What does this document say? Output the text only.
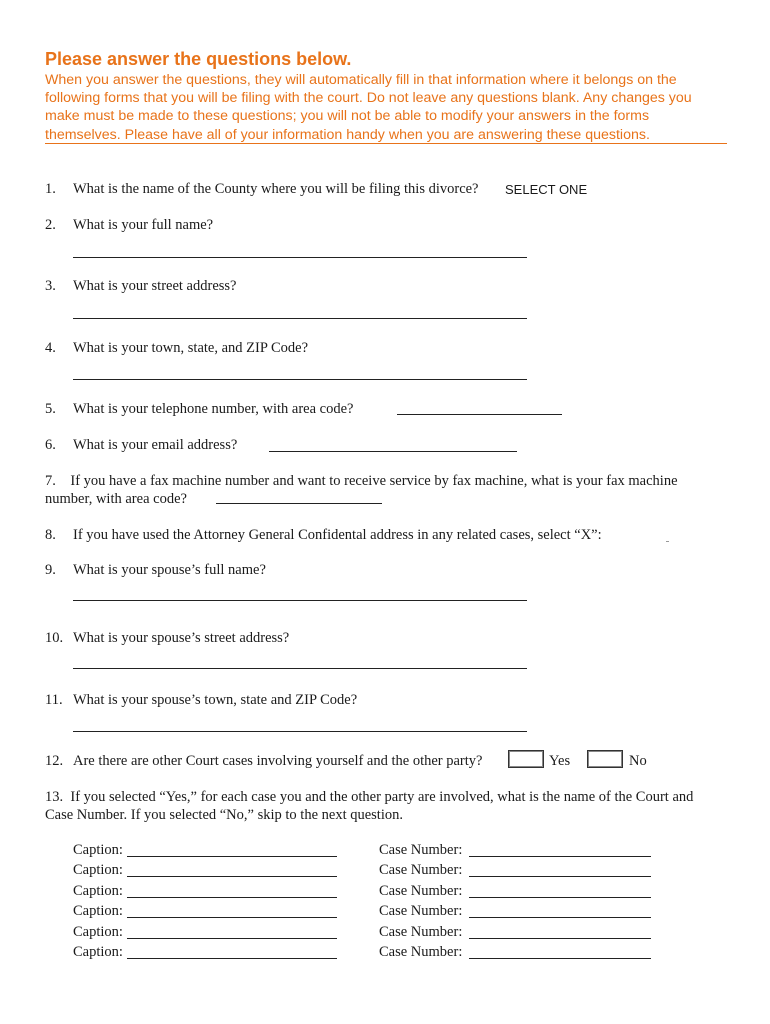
Please answer the questions below.
When you answer the questions, they will automatically fill in that information where it belongs on the following forms that you will be filing with the court. Do not leave any questions blank. Any changes you make must be made to these questions; you will not be able to modify your answers in the forms themselves. Please have all of your information handy when you are answering these questions.
1. What is the name of the County where you will be filing this divorce? SELECT ONE
2. What is your full name?
3. What is your street address?
4. What is your town, state, and ZIP Code?
5. What is your telephone number, with area code?
6. What is your email address?
7. If you have a fax machine number and want to receive service by fax machine, what is your fax machine
number, with area code?
8. If you have used the Attorney General Confidental address in any related cases, select “X”:
9. What is your spouse’s full name?
10. What is your spouse’s street address?
11. What is your spouse’s town, state and ZIP Code?
12. Are there are other Court cases involving yourself and the other party?	Yes	No
13. If you selected “Yes,” for each case you and the other party are involved, what is the name of the Court and
Case Number. If you selected “No,” skip to the next question.
Caption:	Case Number:
Caption:	Case Number:
Caption:	Case Number:
Caption:	Case Number:
Caption:	Case Number:
Caption:	Case Number:
